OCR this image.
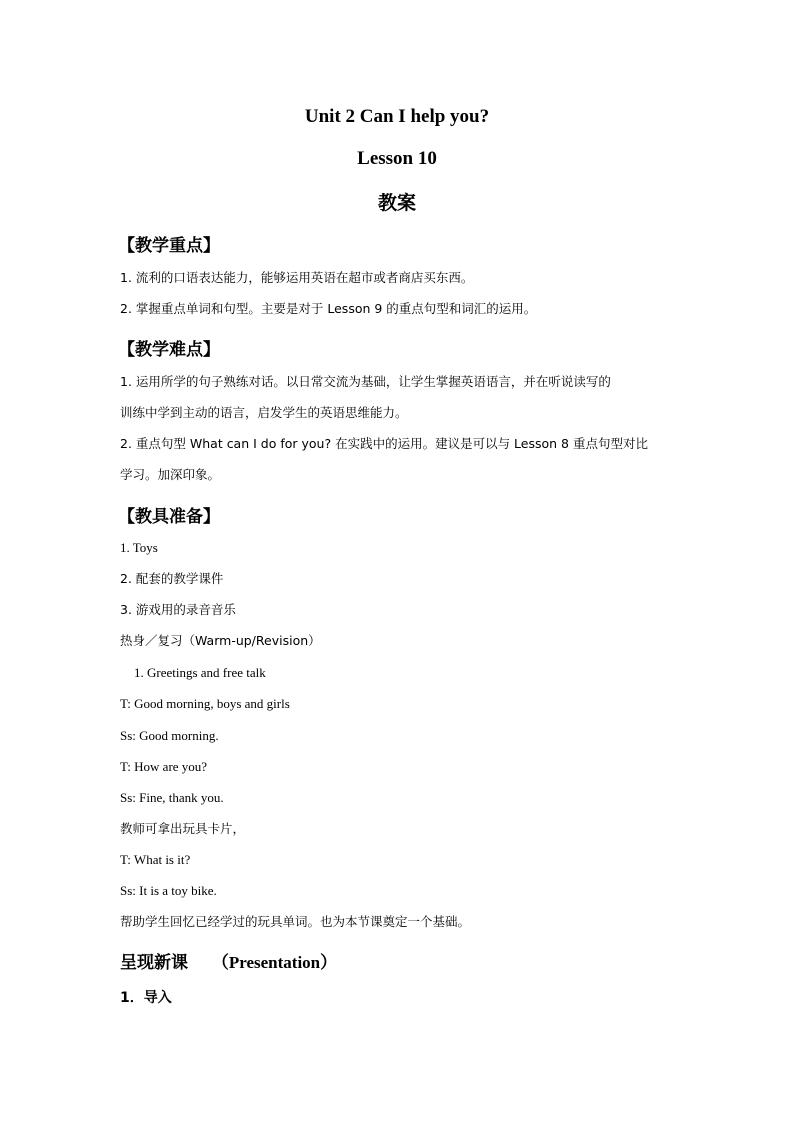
Unit 2 Can I help you?
Lesson 10
教案
【教学重点】
1. 流利的口语表达能力，能够运用英语在超市或者商店买东西。
2. 掌握重点单词和句型。主要是对于 Lesson 9 的重点句型和词汇的运用。
【教学难点】
1. 运用所学的句子熟练对话。以日常交流为基础，让学生掌握英语语言，并在听说读写的
训练中学到主动的语言，启发学生的英语思维能力。
2. 重点句型 What can I do for you? 在实践中的运用。建议是可以与 Lesson 8 重点句型对比
学习。加深印象。
【教具准备】
1. Toys
2. 配套的教学课件
3. 游戏用的录音音乐
热身／复习（Warm-up/Revision）
1. Greetings and free talk
T: Good morning, boys and girls
Ss: Good morning.
T: How are you?
Ss: Fine, thank you.
教师可拿出玩具卡片，
T: What is it?
Ss: It is a toy bike.
帮助学生回忆已经学过的玩具单词。也为本节课奠定一个基础。
呈现新课 （Presentation）
1．导入
